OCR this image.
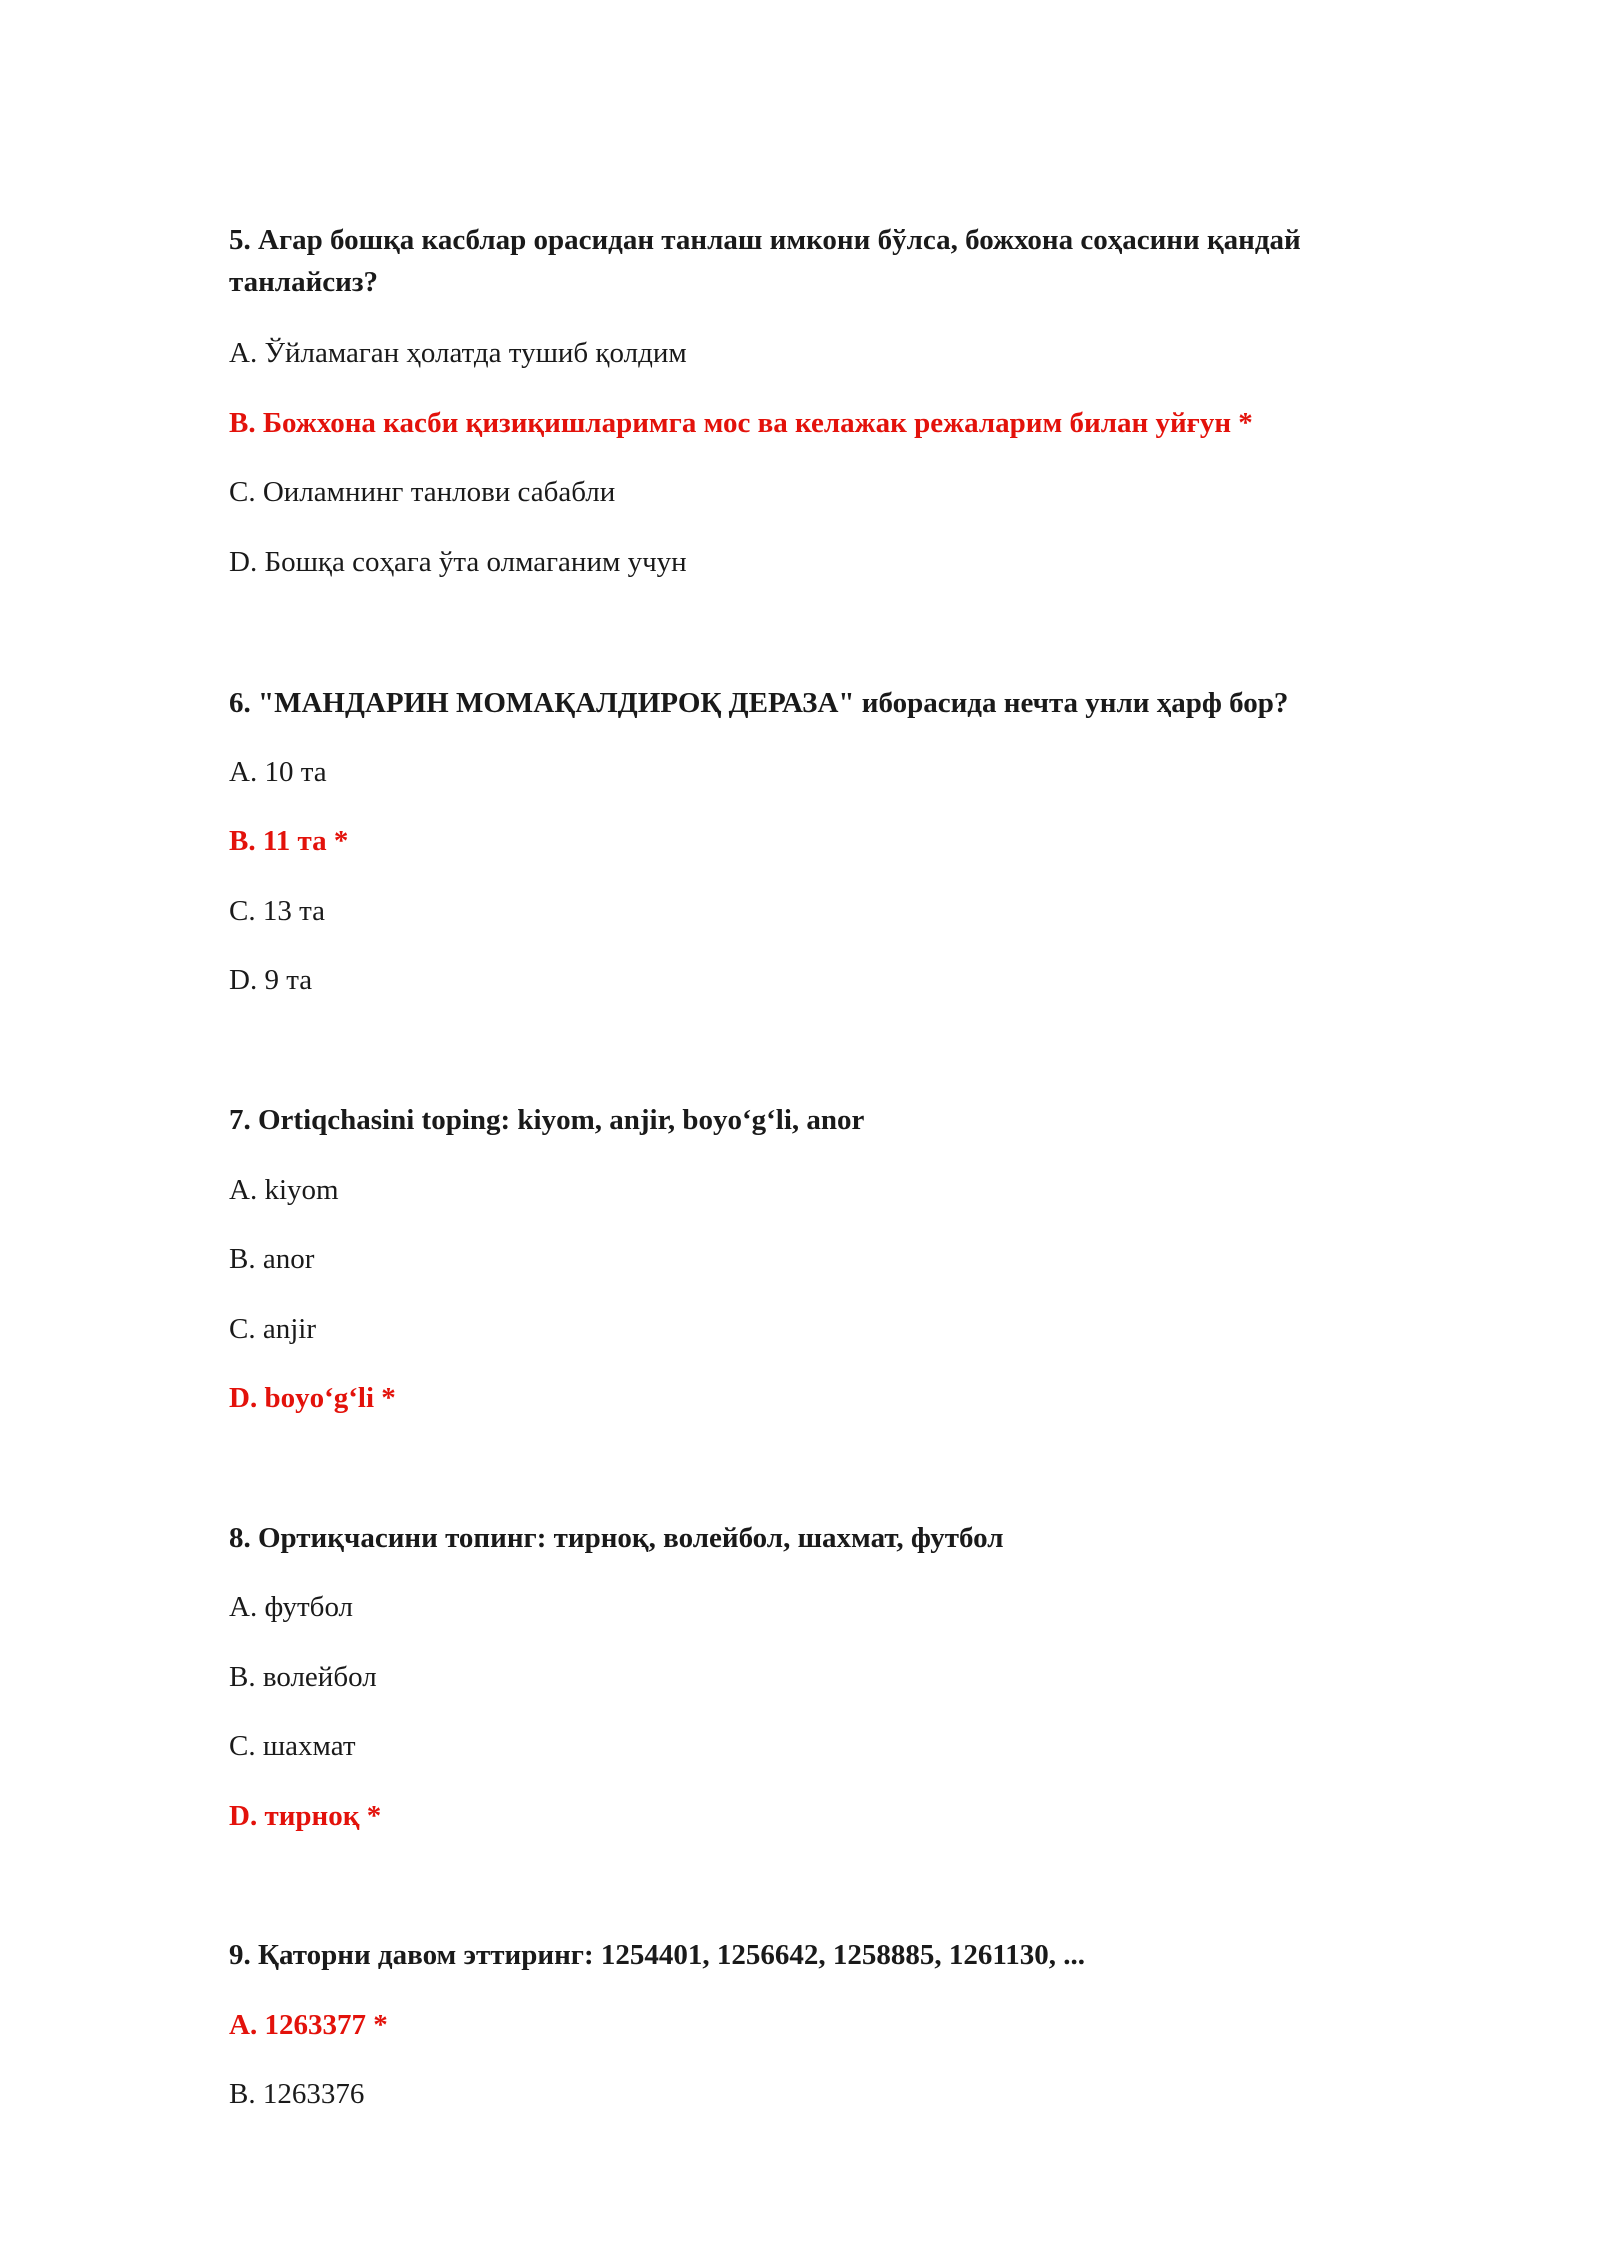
5. Агар бошқа касблар орасидан танлаш имкони бўлса, божхона соҳасини қандай танлайсиз?

A. Ўйламаган ҳолатда тушиб қолдим

B. Божхона касби қизиқишларимга мос ва келажак режаларим билан уйғун *

C. Оиламнинг танлови сабабли

D. Бошқа соҳага ўта олмаганим учун

6. "МАНДАРИН МОМАҚАЛДИРОҚ ДЕРАЗА" иборасида нечта унли ҳарф бор?

A. 10 та

B. 11 та *

C. 13 та

D. 9 та

7. Ortiqchasini toping: kiyom, anjir, boyo‘g‘li, anor

A. kiyom

B. anor

C. anjir

D. boyo‘g‘li *

8. Ортиқчасини топинг: тирноқ, волейбол, шахмат, футбол

A. футбол

B. волейбол

C. шахмат

D. тирноқ *

9. Қаторни давом эттиринг: 1254401, 1256642, 1258885, 1261130, ...

A. 1263377 *

B. 1263376
